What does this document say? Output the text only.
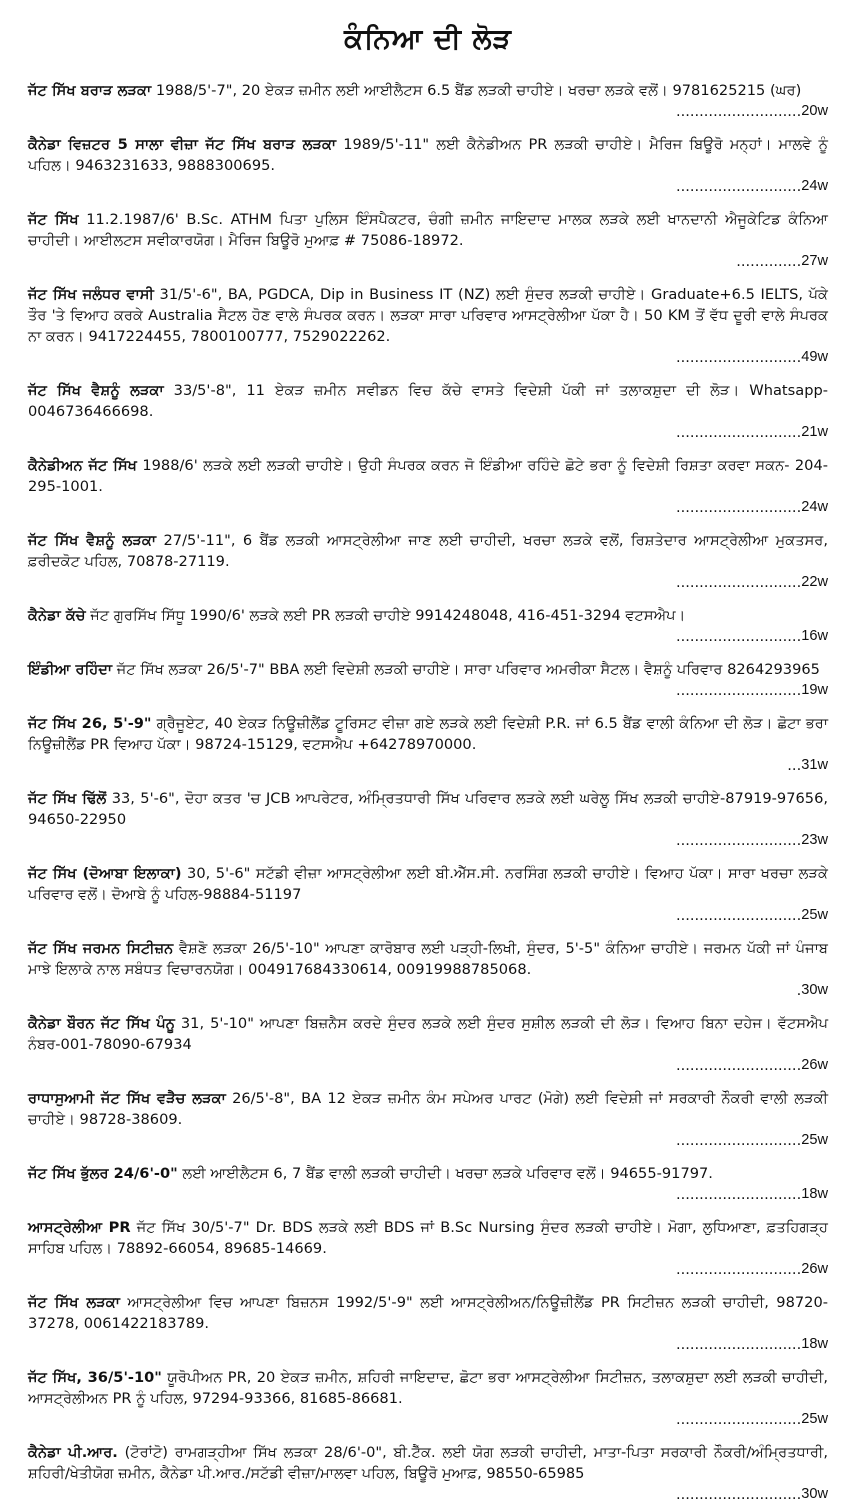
ਕੰਨਿਆ ਦੀ ਲੋੜ
ਜੱਟ ਸਿੱਖ ਬਰਾੜ ਲੜਕਾ 1988/5'-7", 20 ਏਕੜ ਜ਼ਮੀਨ ਲਈ ਆਈਲੈਟਸ 6.5 ਬੈਂਡ ਲੜਕੀ ਚਾਹੀਏ। ਖਰਚਾ ਲੜਕੇ ਵਲੋਂ। 9781625215 (ਘਰ)
........................... 20w
ਕੈਨੇਡਾ ਵਿਜ਼ਟਰ 5 ਸਾਲਾ ਵੀਜ਼ਾ ਜੱਟ ਸਿੱਖ ਬਰਾੜ ਲੜਕਾ 1989/5'-11" ਲਈ ਕੈਨੇਡੀਅਨ PR ਲੜਕੀ ਚਾਹੀਏ। ਮੈਰਿਜ ਬਿਊਰੋ ਮਨ੍ਹਾਂ। ਮਾਲਵੇ ਨੂੰ ਪਹਿਲ। 9463231633, 9888300695.
........................... 24w
ਜੱਟ ਸਿੱਖ 11.2.1987/6' B.Sc. ATHM ਪਿਤਾ ਪੁਲਿਸ ਇੰਸਪੈਕਟਰ, ਚੰਗੀ ਜ਼ਮੀਨ ਜਾਇਦਾਦ ਮਾਲਕ ਲੜਕੇ ਲਈ ਖਾਨਦਾਨੀ ਐਜੂਕੇਟਿਡ ਕੰਨਿਆ ਚਾਹੀਦੀ। ਆਈਲਟਸ ਸਵੀਕਾਰਯੋਗ। ਮੈਰਿਜ ਬਿਊਰੋ ਮੁਆਫ਼ # 75086-18972.
.............. 27w
ਜੱਟ ਸਿੱਖ ਜਲੰਧਰ ਵਾਸੀ 31/5'-6", BA, PGDCA, Dip in Business IT (NZ) ਲਈ ਸੁੰਦਰ ਲੜਕੀ ਚਾਹੀਏ। Graduate+6.5 IELTS, ਪੱਕੇ ਤੌਰ 'ਤੇ ਵਿਆਹ ਕਰਕੇ Australia ਸੈਟਲ ਹੋਣ ਵਾਲੇ ਸੰਪਰਕ ਕਰਨ। ਲੜਕਾ ਸਾਰਾ ਪਰਿਵਾਰ ਆਸਟ੍ਰੇਲੀਆ ਪੱਕਾ ਹੈ। 50 KM ਤੋਂ ਵੱਧ ਦੂਰੀ ਵਾਲੇ ਸੰਪਰਕ ਨਾ ਕਰਨ। 9417224455, 7800100777, 7529022262.
........................... 49w
ਜੱਟ ਸਿੱਖ ਵੈਸ਼ਨੂੰ ਲੜਕਾ 33/5'-8", 11 ਏਕੜ ਜ਼ਮੀਨ ਸਵੀਡਨ ਵਿਚ ਕੱਚੇ ਵਾਸਤੇ ਵਿਦੇਸ਼ੀ ਪੱਕੀ ਜਾਂ ਤਲਾਕਸ਼ੁਦਾ ਦੀ ਲੋੜ। Whatsapp-0046736466698.
........................... 21w
ਕੈਨੇਡੀਅਨ ਜੱਟ ਸਿੱਖ 1988/6' ਲੜਕੇ ਲਈ ਲੜਕੀ ਚਾਹੀਏ। ਉਹੀ ਸੰਪਰਕ ਕਰਨ ਜੋ ਇੰਡੀਆ ਰਹਿੰਦੇ ਛੋਟੇ ਭਰਾ ਨੂੰ ਵਿਦੇਸ਼ੀ ਰਿਸ਼ਤਾ ਕਰਵਾ ਸਕਨ- 204-295-1001.
........................... 24w
ਜੱਟ ਸਿੱਖ ਵੈਸ਼ਨੂੰ ਲੜਕਾ 27/5'-11", 6 ਬੈਂਡ ਲੜਕੀ ਆਸਟ੍ਰੇਲੀਆ ਜਾਣ ਲਈ ਚਾਹੀਦੀ, ਖਰਚਾ ਲੜਕੇ ਵਲੋਂ, ਰਿਸ਼ਤੇਦਾਰ ਆਸਟ੍ਰੇਲੀਆ ਮੁਕਤਸਰ, ਫ਼ਰੀਦਕੋਟ ਪਹਿਲ, 70878-27119.
........................... 22w
ਕੈਨੇਡਾ ਕੱਚੇ ਜੱਟ ਗੁਰਸਿੱਖ ਸਿੱਧੂ 1990/6' ਲੜਕੇ ਲਈ PR ਲੜਕੀ ਚਾਹੀਏ 9914248048, 416-451-3294 ਵਟਸਐਪ।
........................... 16w
ਇੰਡੀਆ ਰਹਿੰਦਾ ਜੱਟ ਸਿੱਖ ਲੜਕਾ 26/5'-7" BBA ਲਈ ਵਿਦੇਸ਼ੀ ਲੜਕੀ ਚਾਹੀਏ। ਸਾਰਾ ਪਰਿਵਾਰ ਅਮਰੀਕਾ ਸੈਟਲ। ਵੈਸ਼ਨੂੰ ਪਰਿਵਾਰ 8264293965
........................... 19w
ਜੱਟ ਸਿੱਖ 26, 5'-9" ਗ੍ਰੈਜੂਏਟ, 40 ਏਕੜ ਨਿਊਜ਼ੀਲੈਂਡ ਟੂਰਿਸਟ ਵੀਜ਼ਾ ਗਏ ਲੜਕੇ ਲਈ ਵਿਦੇਸ਼ੀ P.R. ਜਾਂ 6.5 ਬੈਂਡ ਵਾਲੀ ਕੰਨਿਆ ਦੀ ਲੋੜ। ਛੋਟਾ ਭਰਾ ਨਿਊਜ਼ੀਲੈਂਡ PR ਵਿਆਹ ਪੱਕਾ। 98724-15129, ਵਟਸਐਪ +64278970000.
... 31w
ਜੱਟ ਸਿੱਖ ਢਿੱਲੋਂ 33, 5'-6", ਦੋਹਾ ਕਤਰ 'ਚ JCB ਆਪਰੇਟਰ, ਅੰਮ੍ਰਿਤਧਾਰੀ ਸਿੱਖ ਪਰਿਵਾਰ ਲੜਕੇ ਲਈ ਘਰੇਲੂ ਸਿੱਖ ਲੜਕੀ ਚਾਹੀਏ-87919-97656, 94650-22950
........................... 23w
ਜੱਟ ਸਿੱਖ (ਦੋਆਬਾ ਇਲਾਕਾ) 30, 5'-6" ਸਟੱਡੀ ਵੀਜ਼ਾ ਆਸਟ੍ਰੇਲੀਆ ਲਈ ਬੀ.ਐੱਸ.ਸੀ. ਨਰਸਿੰਗ ਲੜਕੀ ਚਾਹੀਏ। ਵਿਆਹ ਪੱਕਾ। ਸਾਰਾ ਖਰਚਾ ਲੜਕੇ ਪਰਿਵਾਰ ਵਲੋਂ। ਦੋਆਬੇ ਨੂੰ ਪਹਿਲ-98884-51197
........................... 25w
ਜੱਟ ਸਿੱਖ ਜਰਮਨ ਸਿਟੀਜ਼ਨ ਵੈਸ਼ਣੋ ਲੜਕਾ 26/5'-10" ਆਪਣਾ ਕਾਰੋਬਾਰ ਲਈ ਪੜ੍ਹੀ-ਲਿਖੀ, ਸੁੰਦਰ, 5'-5" ਕੰਨਿਆ ਚਾਹੀਏ। ਜਰਮਨ ਪੱਕੀ ਜਾਂ ਪੰਜਾਬ ਮਾਝੇ ਇਲਾਕੇ ਨਾਲ ਸਬੰਧਤ ਵਿਚਾਰਨਯੋਗ। 004917684330614, 00919988785068.
. 30w
ਕੈਨੇਡਾ ਬੌਰਨ ਜੱਟ ਸਿੱਖ ਪੰਨੂ 31, 5'-10" ਆਪਣਾ ਬਿਜ਼ਨੈਸ ਕਰਦੇ ਸੁੰਦਰ ਲੜਕੇ ਲਈ ਸੁੰਦਰ ਸੁਸ਼ੀਲ ਲੜਕੀ ਦੀ ਲੋੜ। ਵਿਆਹ ਬਿਨਾ ਦਹੇਜ। ਵੱਟਸਐਪ ਨੰਬਰ-001-78090-67934
........................... 26w
ਰਾਧਾਸੁਆਮੀ ਜੱਟ ਸਿੱਖ ਵੜੈਚ ਲੜਕਾ 26/5'-8", BA 12 ਏਕੜ ਜ਼ਮੀਨ ਕੰਮ ਸਪੇਅਰ ਪਾਰਟ (ਮੋਗੇ) ਲਈ ਵਿਦੇਸ਼ੀ ਜਾਂ ਸਰਕਾਰੀ ਨੌਕਰੀ ਵਾਲੀ ਲੜਕੀ ਚਾਹੀਏ। 98728-38609.
........................... 25w
ਜੱਟ ਸਿੱਖ ਭੁੱਲਰ 24/6'-0" ਲਈ ਆਈਲੈਟਸ 6, 7 ਬੈਂਡ ਵਾਲੀ ਲੜਕੀ ਚਾਹੀਦੀ। ਖਰਚਾ ਲੜਕੇ ਪਰਿਵਾਰ ਵਲੋਂ। 94655-91797.
........................... 18w
ਆਸਟ੍ਰੇਲੀਆ PR ਜੱਟ ਸਿੱਖ 30/5'-7" Dr. BDS ਲੜਕੇ ਲਈ BDS ਜਾਂ B.Sc Nursing ਸੁੰਦਰ ਲੜਕੀ ਚਾਹੀਏ। ਮੋਗਾ, ਲੁਧਿਆਣਾ, ਫ਼ਤਹਿਗੜ੍ਹ ਸਾਹਿਬ ਪਹਿਲ। 78892-66054, 89685-14669.
........................... 26w
ਜੱਟ ਸਿੱਖ ਲੜਕਾ ਆਸਟ੍ਰੇਲੀਆ ਵਿਚ ਆਪਣਾ ਬਿਜ਼ਨਸ 1992/5'-9" ਲਈ ਆਸਟ੍ਰੇਲੀਅਨ/ਨਿਊਜ਼ੀਲੈਂਡ PR ਸਿਟੀਜ਼ਨ ਲੜਕੀ ਚਾਹੀਦੀ, 98720-37278, 0061422183789.
........................... 18w
ਜੱਟ ਸਿੱਖ, 36/5'-10" ਯੂਰੋਪੀਅਨ PR, 20 ਏਕੜ ਜ਼ਮੀਨ, ਸ਼ਹਿਰੀ ਜਾਇਦਾਦ, ਛੋਟਾ ਭਰਾ ਆਸਟ੍ਰੇਲੀਆ ਸਿਟੀਜ਼ਨ, ਤਲਾਕਸ਼ੁਦਾ ਲਈ ਲੜਕੀ ਚਾਹੀਦੀ, ਆਸਟ੍ਰੇਲੀਅਨ PR ਨੂੰ ਪਹਿਲ, 97294-93366, 81685-86681.
........................... 25w
ਕੈਨੇਡਾ ਪੀ.ਆਰ. (ਟੋਰਾਂਟੋ) ਰਾਮਗੜ੍ਹੀਆ ਸਿੱਖ ਲੜਕਾ 28/6'-0", ਬੀ.ਟੈੱਕ. ਲਈ ਯੋਗ ਲੜਕੀ ਚਾਹੀਦੀ, ਮਾਤਾ-ਪਿਤਾ ਸਰਕਾਰੀ ਨੌਕਰੀ/ਅੰਮ੍ਰਿਤਧਾਰੀ, ਸ਼ਹਿਰੀ/ਖੇਤੀਯੋਗ ਜ਼ਮੀਨ, ਕੈਨੇਡਾ ਪੀ.ਆਰ./ਸਟੱਡੀ ਵੀਜ਼ਾ/ਮਾਲਵਾ ਪਹਿਲ, ਬਿਊਰੋ ਮੁਆਫ਼, 98550-65985
........................... 30w
